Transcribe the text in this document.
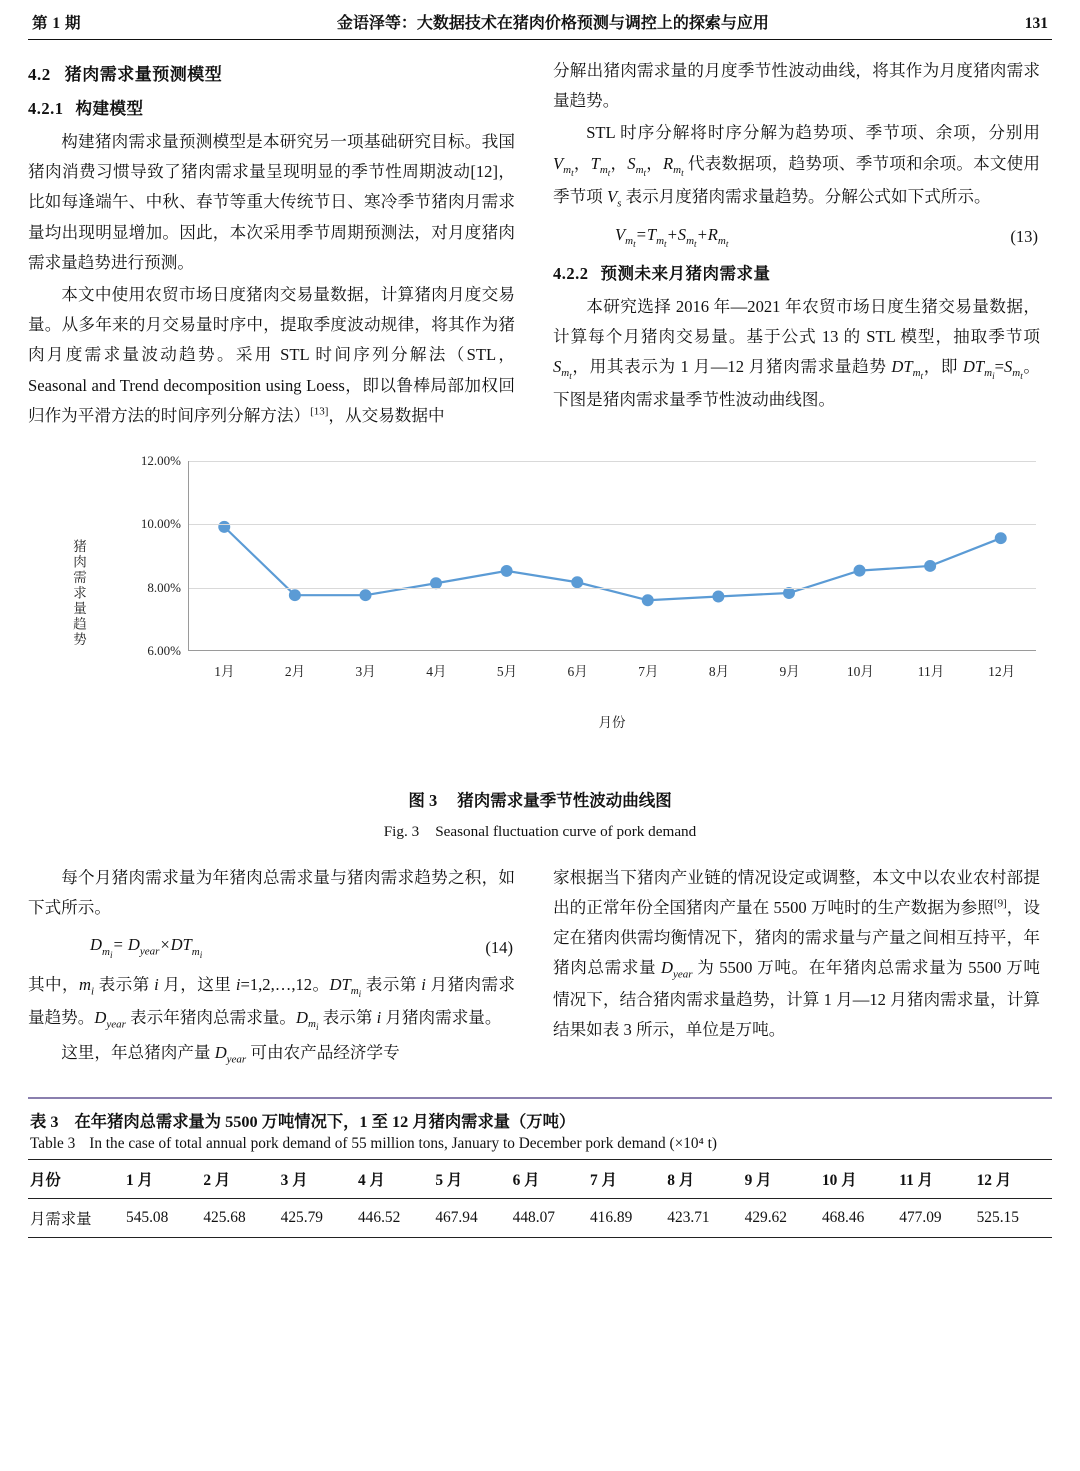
第 1 期	金语泽等：大数据技术在猪肉价格预测与调控上的探索与应用	131
4.2 猪肉需求量预测模型
4.2.1 构建模型

构建猪肉需求量预测模型是本研究另一项基础研究目标。我国猪肉消费习惯导致了猪肉需求量呈现明显的季节性周期波动[12]，比如每逢端午、中秋、春节等重大传统节日、寒冷季节猪肉月需求量均出现明显增加。因此，本次采用季节周期预测法，对月度猪肉需求量趋势进行预测。

本文中使用农贸市场日度猪肉交易量数据，计算猪肉月度交易量。从多年来的月交易量时序中，提取季度波动规律，将其作为猪肉月度需求量波动趋势。采用 STL 时间序列分解法（STL，Seasonal and Trend decomposition using Loess，即以鲁棒局部加权回归作为平滑方法的时间序列分解方法）[13]，从交易数据中

分解出猪肉需求量的月度季节性波动曲线，将其作为月度猪肉需求量趋势。

STL 时序分解将时序分解为趋势项、季节项、余项，分别用 $V_{m_t}$，$T_{m_t}$，$S_{m_t}$，$R_{m_t}$ 代表数据项，趋势项、季节项和余项。本文使用季节项 $V_s$ 表示月度猪肉需求量趋势。分解公式如下式所示。

$V_{m_t}=T_{m_t}+S_{m_t}+R_{m_t}$	(13)
4.2.2 预测未来月猪肉需求量

本研究选择 2016 年—2021 年农贸市场日度生猪交易量数据，计算每个月猪肉交易量。基于公式 13 的 STL 模型，抽取季节项 $S_{m_t}$，用其表示为 1 月—12 月猪肉需求量趋势 $DT_{m_t}$，即 $DT_{m_i}=S_{m_t}$。下图是猪肉需求量季节性波动曲线图。

猪肉需求量趋势
6.00%
8.00%
10.00%
12.00%
1月	2月	3月	4月	5月	6月	7月	8月	9月	10月	11月	12月
月份
图 3 猪肉需求量季节性波动曲线图
Fig. 3 Seasonal fluctuation curve of pork demand

每个月猪肉需求量为年猪肉总需求量与猪肉需求趋势之积，如下式所示。

$D_{m_i}= D_{year}\times DT_{m_i}$	(14)

其中，$m_i$ 表示第 i 月，这里 i=1,2,…,12。$DT_{m_i}$ 表示第 i 月猪肉需求量趋势。$D_{year}$ 表示年猪肉总需求量。$D_{m_i}$ 表示第 i 月猪肉需求量。

这里，年总猪肉产量 $D_{year}$ 可由农产品经济学专

家根据当下猪肉产业链的情况设定或调整，本文中以农业农村部提出的正常年份全国猪肉产量在 5500 万吨时的生产数据为参照[9]，设定在猪肉供需均衡情况下，猪肉的需求量与产量之间相互持平，年猪肉总需求量 $D_{year}$ 为 5500 万吨。在年猪肉总需求量为 5500 万吨情况下，结合猪肉需求量趋势，计算 1 月—12 月猪肉需求量，计算结果如表 3 所示，单位是万吨。

表 3 在年猪肉总需求量为 5500 万吨情况下，1 至 12 月猪肉需求量（万吨）
Table 3 In the case of total annual pork demand of 55 million tons, January to December pork demand (×10⁴ t)
月份	1 月	2 月	3 月	4 月	5 月	6 月	7 月	8 月	9 月	10 月	11 月	12 月
月需求量	545.08	425.68	425.79	446.52	467.94	448.07	416.89	423.71	429.62	468.46	477.09	525.15
